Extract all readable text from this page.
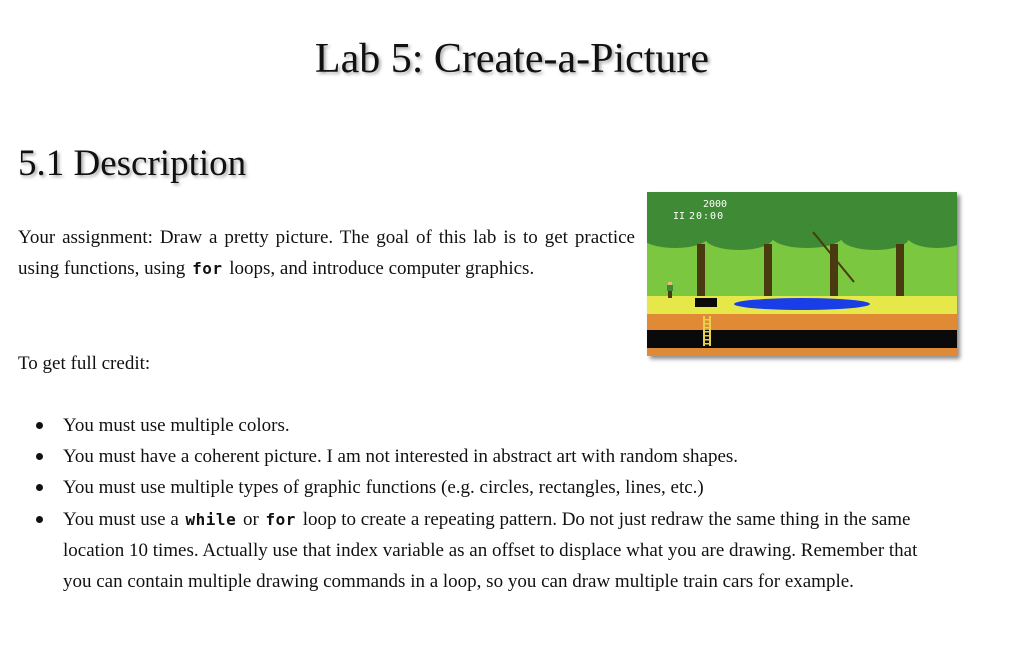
Lab 5: Create-a-Picture
5.1 Description

Your assignment: Draw a pretty picture. The goal of this lab is to get practice using functions, using for loops, and introduce computer graphics.

To get full credit:

You must use multiple colors.
You must have a coherent picture. I am not interested in abstract art with random shapes.
You must use multiple types of graphic functions (e.g. circles, rectangles, lines, etc.)
You must use a while or for loop to create a repeating pattern. Do not just redraw the same thing in the same location 10 times. Actually use that index variable as an offset to displace what you are drawing. Remember that you can contain multiple drawing commands in a loop, so you can draw multiple train cars for example.
2000
II 20:00
